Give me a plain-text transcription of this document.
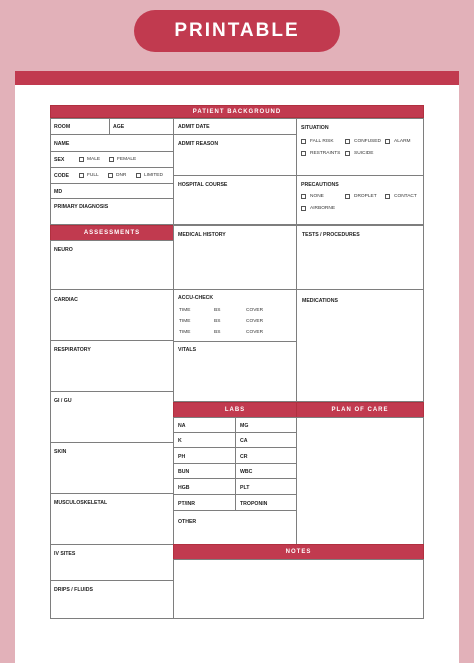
PRINTABLE
PATIENT BACKGROUND
ROOM	AGE
NAME
SEX	MALE	FEMALE
CODE	FULL	DNR	LIMITED
MD
PRIMARY DIAGNOSIS
ADMIT DATE
ADMIT REASON
HOSPITAL COURSE
SITUATION
FALL RISK	CONFUSED	ALARM
RESTRAINTS	SUICIDE
PRECAUTIONS
NONE	DROPLET	CONTACT
AIRBORNE
ASSESSMENTS
NEURO
CARDIAC
RESPIRATORY
GI / GU
SKIN
MUSCULOSKELETAL
IV SITES
DRIPS / FLUIDS
MEDICAL HISTORY
ACCU-CHECK
TIME	BS	COVER
TIME	BS	COVER
TIME	BS	COVER
VITALS
TESTS / PROCEDURES
MEDICATIONS
LABS
NA	MG
K	CA
PH	CR
BUN	WBC
HGB	PLT
PT/INR	TROPONIN
OTHER
PLAN OF CARE
NOTES
